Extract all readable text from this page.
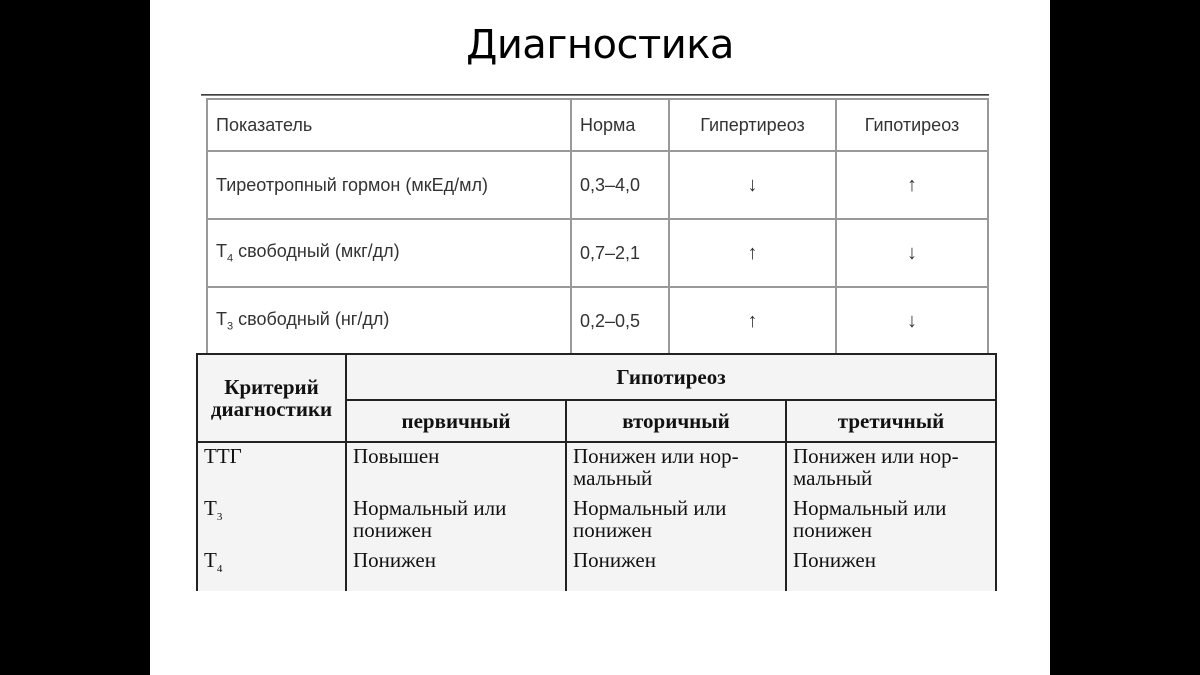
Диагностика
Показатель	Норма	Гипертиреоз	Гипотиреоз
Тиреотропный гормон (мкЕд/мл)	0,3–4,0	↓	↑
$T_4$ свободный (мкг/дл)	0,7–2,1	↑	↓
$T_3$ свободный (нг/дл)	0,2–0,5	↑	↓
Критерий диагностики	Гипотиреоз		
	первичный	вторичный	третичный
ТТГ	Повышен	Понижен или нор-мальный	Понижен или нор-мальный
$T_3$	Нормальный или понижен	Нормальный или понижен	Нормальный или понижен
$T_4$	Понижен	Понижен	Понижен
